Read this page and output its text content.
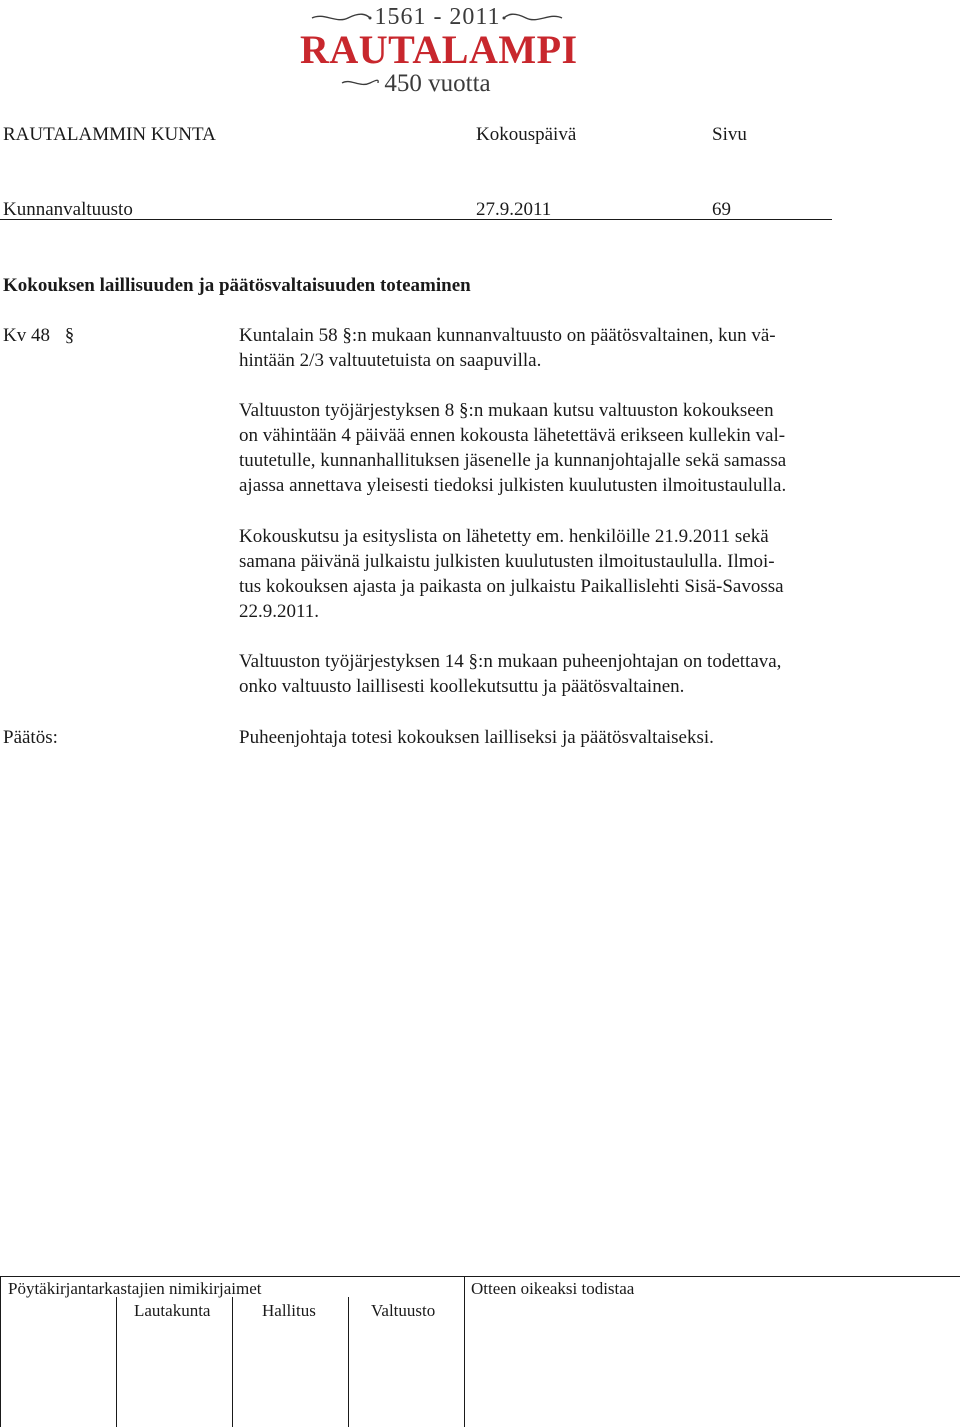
1561 - 2011
RAUTALAMPI
450 vuotta
RAUTALAMMIN KUNTA	Kokouspäivä	Sivu
Kunnanvaltuusto	27.9.2011	69
Kokouksen laillisuuden ja päätösvaltaisuuden toteaminen
Kv 48 §	Kuntalain 58 §:n mukaan kunnanvaltuusto on päätösvaltainen, kun vä-
hintään 2/3 valtuutetuista on saapuvilla.
Valtuuston työjärjestyksen 8 §:n mukaan kutsu valtuuston kokoukseen
on vähintään 4 päivää ennen kokousta lähetettävä erikseen kullekin val-
tuutetulle, kunnanhallituksen jäsenelle ja kunnanjohtajalle sekä samassa
ajassa annettava yleisesti tiedoksi julkisten kuulutusten ilmoitustaululla.
Kokouskutsu ja esityslista on lähetetty em. henkilöille 21.9.2011 sekä
samana päivänä julkaistu julkisten kuulutusten ilmoitustaululla. Ilmoi-
tus kokouksen ajasta ja paikasta on julkaistu Paikallislehti Sisä-Savossa
22.9.2011.
Valtuuston työjärjestyksen 14 §:n mukaan puheenjohtajan on todettava,
onko valtuusto laillisesti koollekutsuttu ja päätösvaltainen.
Päätös:	Puheenjohtaja totesi kokouksen lailliseksi ja päätösvaltaiseksi.
Pöytäkirjantarkastajien nimikirjaimet
Lautakunta	Hallitus	Valtuusto
Otteen oikeaksi todistaa
